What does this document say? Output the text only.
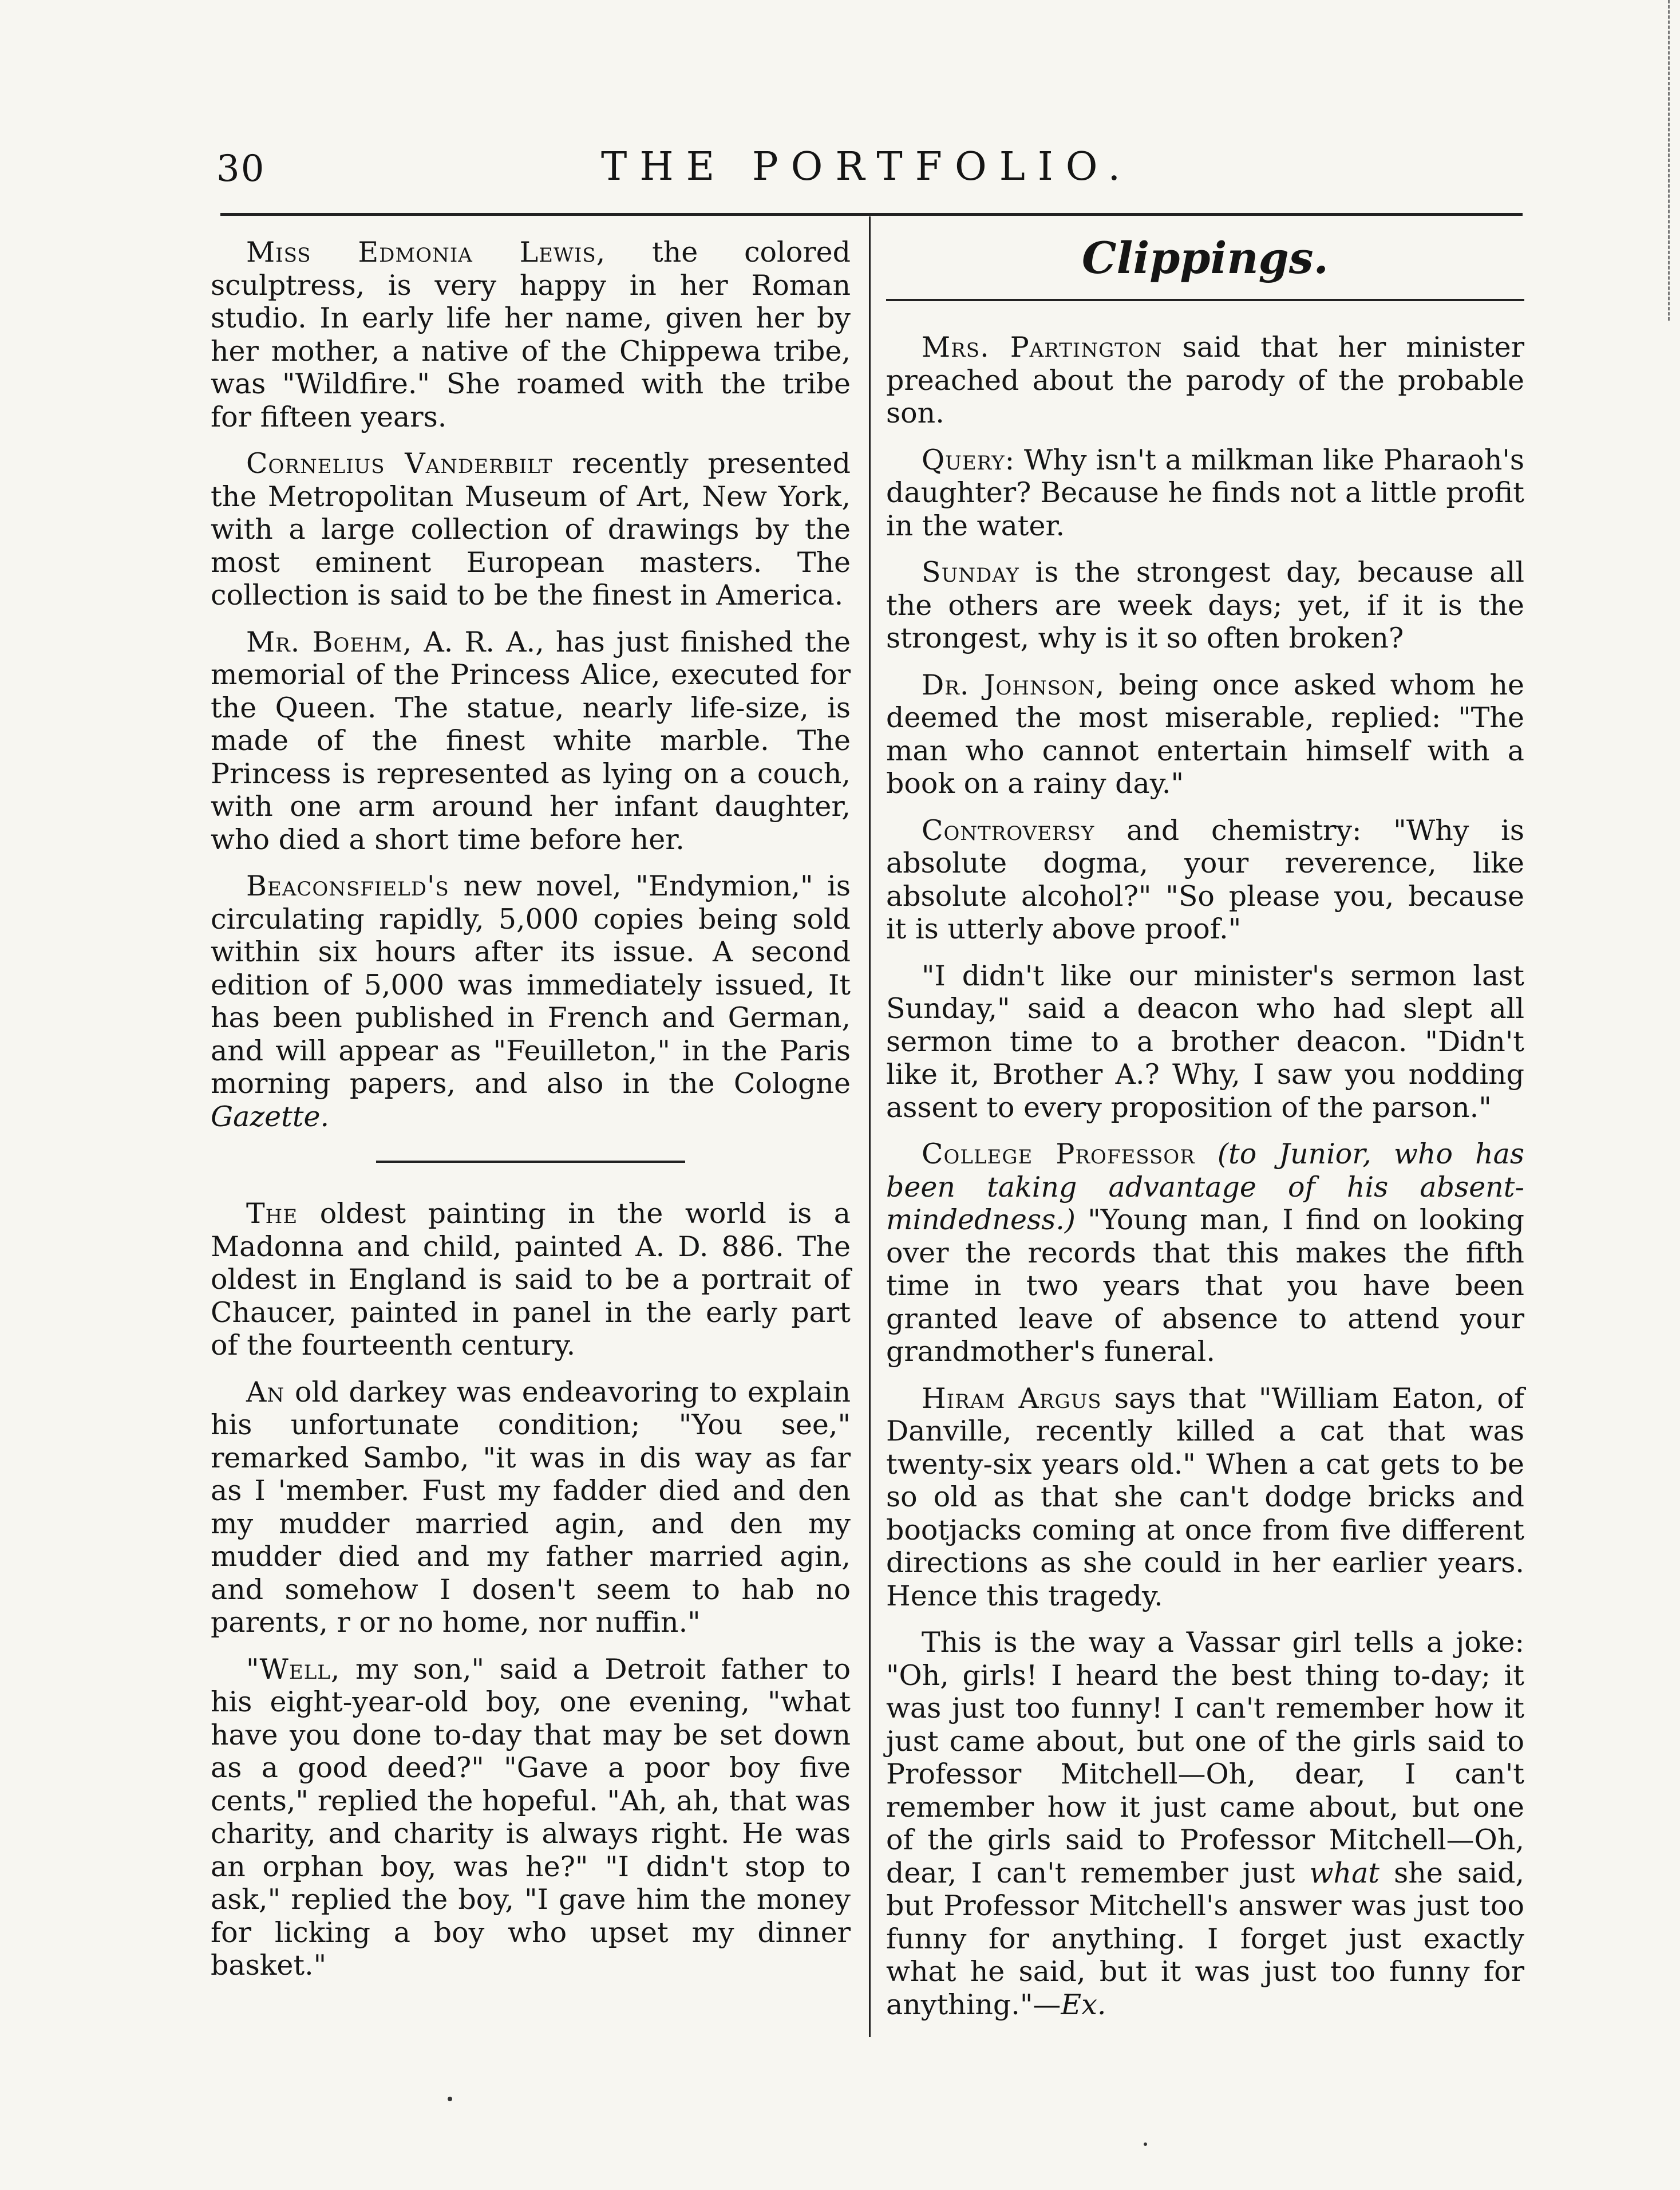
30	THE PORTFOLIO.

Miss Edmonia Lewis, the colored sculptress, is very happy in her Roman studio. In early life her name, given her by her mother, a native of the Chippewa tribe, was "Wildfire." She roamed with the tribe for fifteen years.

Cornelius Vanderbilt recently presented the Metropolitan Museum of Art, New York, with a large collection of drawings by the most eminent European masters. The collection is said to be the finest in America.

Mr. Boehm, A. R. A., has just finished the memorial of the Princess Alice, executed for the Queen. The statue, nearly life-size, is made of the finest white marble. The Princess is represented as lying on a couch, with one arm around her infant daughter, who died a short time before her.

Beaconsfield's new novel, "Endymion," is circulating rapidly, 5,000 copies being sold within six hours after its issue. A second edition of 5,000 was immediately issued, It has been published in French and German, and will appear as "Feuilleton," in the Paris morning papers, and also in the Cologne Gazette.

The oldest painting in the world is a Madonna and child, painted A. D. 886. The oldest in England is said to be a portrait of Chaucer, painted in panel in the early part of the fourteenth century.

An old darkey was endeavoring to explain his unfortunate condition; "You see," remarked Sambo, "it was in dis way as far as I 'member. Fust my fadder died and den my mudder married agin, and den my mudder died and my father married agin, and somehow I dosen't seem to hab no parents, r or no home, nor nuffin."

"Well, my son," said a Detroit father to his eight-year-old boy, one evening, "what have you done to-day that may be set down as a good deed?" "Gave a poor boy five cents," replied the hopeful. "Ah, ah, that was charity, and charity is always right. He was an orphan boy, was he?" "I didn't stop to ask," replied the boy, "I gave him the money for licking a boy who upset my dinner basket."

Clippings.

Mrs. Partington said that her minister preached about the parody of the probable son.

Query: Why isn't a milkman like Pharaoh's daughter? Because he finds not a little profit in the water.

Sunday is the strongest day, because all the others are week days; yet, if it is the strongest, why is it so often broken?

Dr. Johnson, being once asked whom he deemed the most miserable, replied: "The man who cannot entertain himself with a book on a rainy day."

Controversy and chemistry: "Why is absolute dogma, your reverence, like absolute alcohol?" "So please you, because it is utterly above proof."

"I didn't like our minister's sermon last Sunday," said a deacon who had slept all sermon time to a brother deacon. "Didn't like it, Brother A.? Why, I saw you nodding assent to every proposition of the parson."

College Professor (to Junior, who has been taking advantage of his absent-mindedness.) "Young man, I find on looking over the records that this makes the fifth time in two years that you have been granted leave of absence to attend your grandmother's funeral.

Hiram Argus says that "William Eaton, of Danville, recently killed a cat that was twenty-six years old." When a cat gets to be so old as that she can't dodge bricks and bootjacks coming at once from five different directions as she could in her earlier years. Hence this tragedy.

This is the way a Vassar girl tells a joke: "Oh, girls! I heard the best thing to-day; it was just too funny! I can't remember how it just came about, but one of the girls said to Professor Mitchell—Oh, dear, I can't remember how it just came about, but one of the girls said to Professor Mitchell—Oh, dear, I can't remember just what she said, but Professor Mitchell's answer was just too funny for anything. I forget just exactly what he said, but it was just too funny for anything."—Ex.
